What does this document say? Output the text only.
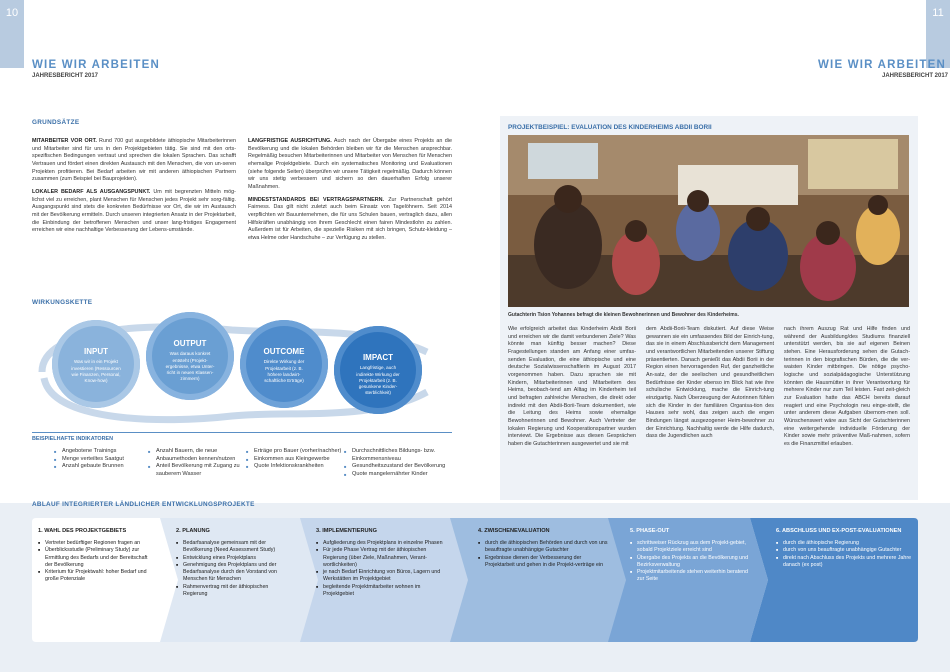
10	11
WIE WIR ARBEITEN
JAHRESBERICHT 2017
WIE WIR ARBEITEN
JAHRESBERICHT 2017
GRUNDSÄTZE

MITARBEITER VOR ORT. Rund 700 gut ausgebildete äthiopische Mitarbeiterinnen und Mitarbeiter sind für uns in den Projektgebieten tätig. Sie sind mit den orts-spezifischen Bedingungen vertraut und sprechen die lokalen Sprachen. Das schafft Vertrauen und fördert einen direkten Austausch mit den Menschen, die von un-seren Projekten profitieren. Bei Bedarf arbeiten wir mit anderen äthiopischen Partnern zusammen (zum Beispiel bei Bauprojekten).

LOKALER BEDARF ALS AUSGANGSPUNKT. Um mit begrenzten Mitteln mög-lichst viel zu erreichen, plant Menschen für Menschen jedes Projekt sehr sorg-fältig. Ausgangspunkt sind stets die konkreten Bedürfnisse vor Ort, die wir im Austausch mit der Bevölkerung ermitteln. Durch unseren integrierten Ansatz in der Projektarbeit, die Einbindung der betroffenen Menschen und unser lang-fristiges Engagement erreichen wir eine nachhaltige Verbesserung der Lebens-umstände.

LANGFRISTIGE AUSRICHTUNG. Auch nach der Übergabe eines Projekts an die Bevölkerung und die lokalen Behörden bleiben wir für die Menschen ansprechbar. Regelmäßig besuchen Mitarbeiterinnen und Mitarbeiter von Menschen für Menschen ehemalige Projektgebiete. Durch ein systematisches Monitoring und Evaluationen (siehe folgende Seiten) überprüfen wir unsere Tätigkeit regelmäßig. Dadurch können wir uns stetig verbessern und sichern so den dauerhaften Erfolg unserer Maßnahmen.

MINDESTSTANDARDS BEI VERTRAGSPARTNERN. Zur Partnerschaft gehört Fairness. Das gilt nicht zuletzt auch beim Einsatz von Tagelöhnern. Seit 2014 verpflichten wir Bauunternehmen, die für uns Schulen bauen, vertraglich dazu, allen Hilfskräften unabhängig von ihrem Geschlecht einen fairen Mindestlohn zu zahlen. Außerdem ist für Arbeiten, die spezielle Risiken mit sich bringen, Schutz-kleidung – etwa Helme oder Handschuhe – zur Verfügung zu stellen.

WIRKUNGSKETTE
INPUT
Was wir in ein Projekt investieren (Ressourcen wie Finanzen, Personal, Know-how)
OUTPUT
Was daraus konkret entsteht (Projekt-ergebnisse, etwa Unter-richt in neuen Klassen-zimmern)
OUTCOME
Direkte Wirkung der Projektarbeit (z. B. höhere landwirt-schaftliche Erträge)
IMPACT
Langfristige, auch indirekte Wirkung der Projektarbeit (z. B. gesunkene Kinder-sterblichkeit)
BEISPIELHAFTE INDIKATOREN
■ Angebotene Trainings
■ Menge verteiltes Saatgut
■ Anzahl gebaute Brunnen
■ Anzahl Bauern, die neue Anbaumethoden kennen/nutzen
■ Anteil Bevölkerung mit Zugang zu sauberem Wasser
■ Erträge pro Bauer (vorher/nachher)
■ Einkommen aus Kleingewerbe
■ Quote Infektionskrankheiten
■ Durchschnittliches Bildungs- bzw. Einkommensniveau
■ Gesundheitszustand der Bevölkerung
■ Quote mangelernährter Kinder
PROJEKTBEISPIEL: EVALUATION DES KINDERHEIMS ABDII BORII
Gutachterin Tsion Yohannes befragt die kleinen Bewohnerinnen und Bewohner des Kinderheims.
Wie erfolgreich arbeitet das Kinderheim Abdii Borii und erreichen wir die damit verbundenen Ziele? Was könnte man künftig besser machen? Diese Fragestellungen standen am Anfang einer umfas-senden Evaluation, die eine äthiopische und eine deutsche Sozialwissenschaftlerin im August 2017 vorgenommen haben. Dazu sprachen sie mit Kindern, Mitarbeiterinnen und Mitarbeitern des Heims, beobach-tend am Alltag im Kinderheim teil und befragten zahlreiche Menschen, die direkt oder indirekt mit den Abdii-Borii-Team dokumentiert, wie die Leitung des Heims sowie ehemalige Bewohnerinnen und Bewohner. Auch Vertreter der lokalen Regierung und Kooperationspartner wurden interviewt. Die Ergebnisse aus diesen Gesprächen haben die Gutachterinnen ausgewertet und sie mit
dem Abdii-Borii-Team diskutiert. Auf diese Weise gewannen sie ein umfassendes Bild der Einrich-tung, das sie in einem Abschlussbericht dem Management und verantwortlichen Mitarbeitenden unserer Stiftung präsentierten. Danach genießt das Abdii Borii in der Region einen hervorragenden Ruf, der ganzheitliche An-satz, der die seelischen und gesundheitlichen Bedürfnisse der Kinder ebenso im Blick hat wie ihre schulische Entwicklung, mache die Einrich-tung einzigartig. Nach Überzeugung der Autorinnen fühlen sich die Kinder in der familiären Organisa-tion des Hauses sehr wohl, das zeigen auch die engen Bindungen längst ausgezogener Heim-bewohner zu der Einrichtung. Nachhaltig werde die Hilfe dadurch, dass die Jugendlichen auch
nach ihrem Auszug Rat und Hilfe finden und während der Ausbildung/des Studiums finanziell unterstützt werden, bis sie auf eigenen Beinen stehen. Eine Herausforderung sehen die Gutach-terinnen in den biografischen Bürden, die die ver-waisten Kinder mitbringen. Die nötige psycho-logische und sozialpädagogische Unterstützung könnten die Hausmütter in ihrer Verantwortung für mehrere Kinder nur zum Teil leisten. Fast zeit-gleich zur Evaluation hatte das ABCH bereits darauf reagiert und eine Psychologin neu einge-stellt, die unter anderem diese Aufgaben übernom-men soll. Wünschenswert wäre aus Sicht der Gutachterinnen eine weitergehende individuelle Förderung der Kinder sowie mehr präventive Maß-nahmen, sofern es die Finanzmittel erlauben.
ABLAUF INTEGRIERTER LÄNDLICHER ENTWICKLUNGSPROJEKTE
1. WAHL DES PROJEKTGEBIETS
■ Vertreter bedürftiger Regionen fragen an
■ Überblicksstudie (Preliminary Study) zur Ermittlung des Bedarfs und der Bereitschaft der Bevölkerung
■ Kriterium für Projektwahl: hoher Bedarf und große Potenziale
2. PLANUNG
■ Bedarfsanalyse gemeinsam mit der Bevölkerung (Need Assessment Study)
■ Entwicklung eines Projektplans
■ Genehmigung des Projektplans und der Bedarfsanalyse durch den Vorstand von Menschen für Menschen
■ Rahmenvertrag mit der äthiopischen Regierung
3. IMPLEMENTIERUNG
■ Aufgliederung des Projektplans in einzelne Phasen
■ Für jede Phase Vertrag mit der äthiopischen Regierung (über Ziele, Maßnahmen, Verant-wortlichkeiten)
■ je nach Bedarf Einrichtung von Büros, Lagern und Werkstätten im Projektgebiet
■ begleitende Projektmitarbeiter wohnen im Projektgebiet
4. ZWISCHENEVALUATION
■ durch die äthiopischen Behörden und durch von uns beauftragte unabhängige Gutachter
■ Ergebnisse dienen der Verbesserung der Projektarbeit und gehen in die Projekt-verträge ein
5. PHASE-OUT
■ schrittweiser Rückzug aus dem Projekt-gebiet, sobald Projektziele erreicht sind
■ Übergabe des Projekts an die Bevölkerung und Bezirksverwaltung
■ Projektmitarbeitende stehen weiterhin beratend zur Seite
6. ABSCHLUSS UND EX-POST-EVALUATIONEN
■ durch die äthiopische Regierung
■ durch von uns beauftragte unabhängige Gutachter
■ direkt nach Abschluss des Projekts und mehrere Jahre danach (ex post)
